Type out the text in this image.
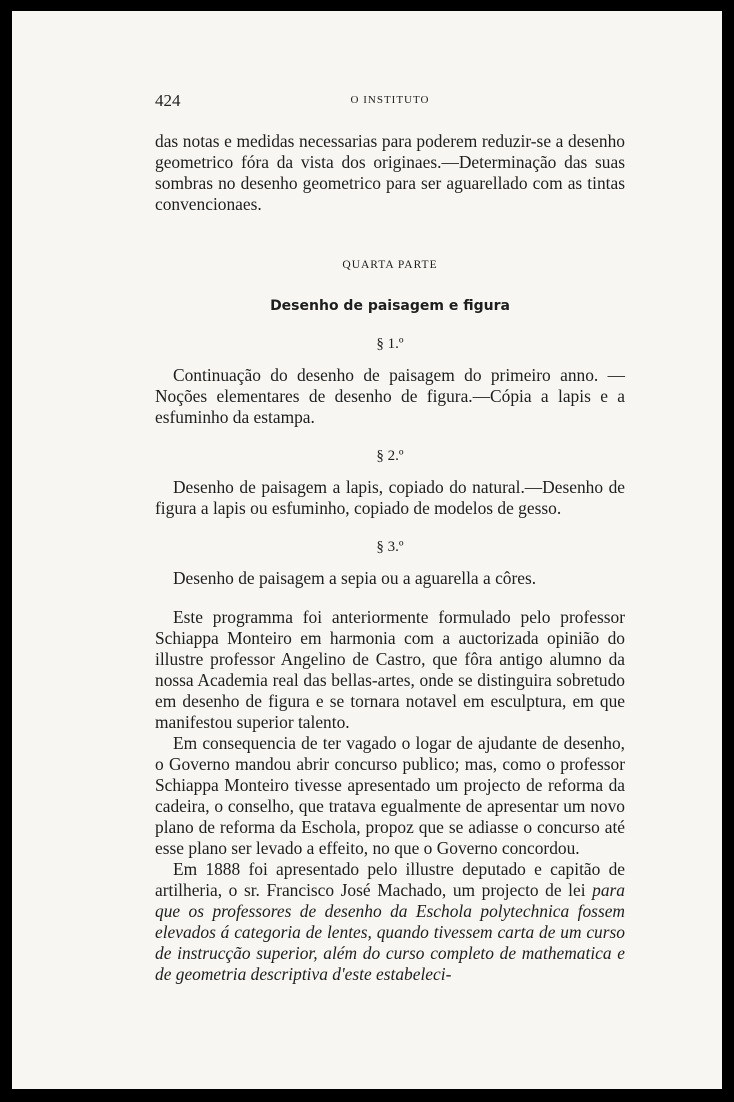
424	O INSTITUTO

das notas e medidas necessarias para poderem reduzir-se a desenho geometrico fóra da vista dos originaes.—Determinação das suas sombras no desenho geometrico para ser aguarellado com as tintas convencionaes.

QUARTA PARTE
Desenho de paisagem e figura
§ 1.º

Continuação do desenho de paisagem do primeiro anno. —Noções elementares de desenho de figura.—Cópia a lapis e a esfuminho da estampa.

§ 2.º

Desenho de paisagem a lapis, copiado do natural.—Desenho de figura a lapis ou esfuminho, copiado de modelos de gesso.

§ 3.º

Desenho de paisagem a sepia ou a aguarella a côres.

Este programma foi anteriormente formulado pelo professor Schiappa Monteiro em harmonia com a auctorizada opinião do illustre professor Angelino de Castro, que fôra antigo alumno da nossa Academia real das bellas-artes, onde se distinguira sobretudo em desenho de figura e se tornara notavel em esculptura, em que manifestou superior talento.

Em consequencia de ter vagado o logar de ajudante de desenho, o Governo mandou abrir concurso publico; mas, como o professor Schiappa Monteiro tivesse apresentado um projecto de reforma da cadeira, o conselho, que tratava egualmente de apresentar um novo plano de reforma da Eschola, propoz que se adiasse o concurso até esse plano ser levado a effeito, no que o Governo concordou.

Em 1888 foi apresentado pelo illustre deputado e capitão de artilheria, o sr. Francisco José Machado, um projecto de lei para que os professores de desenho da Eschola polytechnica fossem elevados á categoria de lentes, quando tivessem carta de um curso de instrucção superior, além do curso completo de mathematica e de geometria descriptiva d'este estabeleci-
